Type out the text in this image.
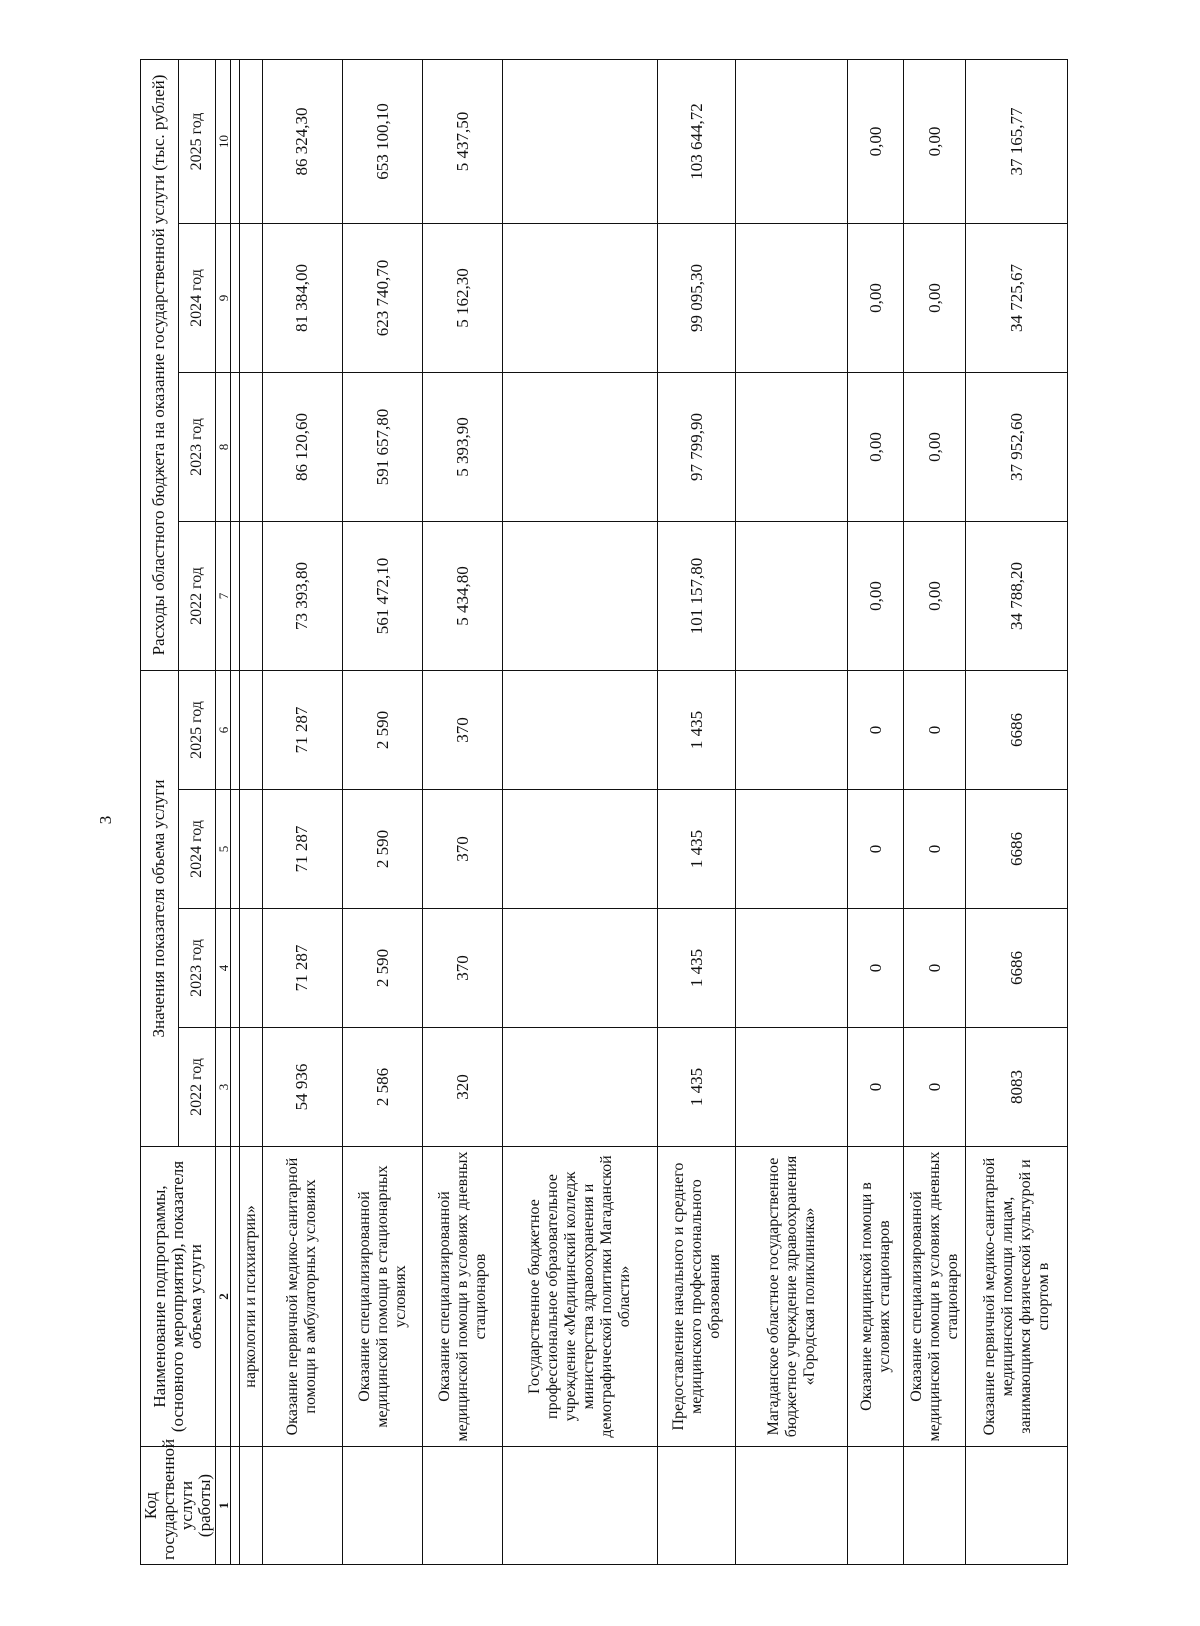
3
Код государственной услуги (работы)	Наименование подпрограммы, (основного мероприятия), показателя объема услуги	Значения показателя объема услуги				Расходы областного бюджета на оказание государственной услуги (тыс. рублей)			
		2022 год	2023 год	2024 год	2025 год	2022 год	2023 год	2024 год	2025 год
1	2	3	4	5	6	7	8	9	10

	наркологии и психиатрии»								
	Оказание первичной медико-санитарной помощи в амбулаторных условиях	54 936	71 287	71 287	71 287	73 393,80	86 120,60	81 384,00	86 324,30
	Оказание специализированной медицинской помощи в стационарных условиях	2 586	2 590	2 590	2 590	561 472,10	591 657,80	623 740,70	653 100,10
	Оказание специализированной медицинской помощи в условиях дневных стационаров	320	370	370	370	5 434,80	5 393,90	5 162,30	5 437,50
	Государственное бюджетное профессиональное образовательное учреждение «Медицинский колледж министерства здравоохранения и демографической политики Магаданской области»								
	Предоставление начального и среднего медицинского профессионального образования	1 435	1 435	1 435	1 435	101 157,80	97 799,90	99 095,30	103 644,72
	Магаданское областное государственное бюджетное учреждение здравоохранения «Городская поликлиника»								
	Оказание медицинской помощи в условиях стационаров	0	0	0	0	0,00	0,00	0,00	0,00
	Оказание специализированной медицинской помощи в условиях дневных стационаров	0	0	0	0	0,00	0,00	0,00	0,00
	Оказание первичной медико-санитарной медицинской помощи лицам, занимающимся физической культурой и спортом в	8083	6686	6686	6686	34 788,20	37 952,60	34 725,67	37 165,77
